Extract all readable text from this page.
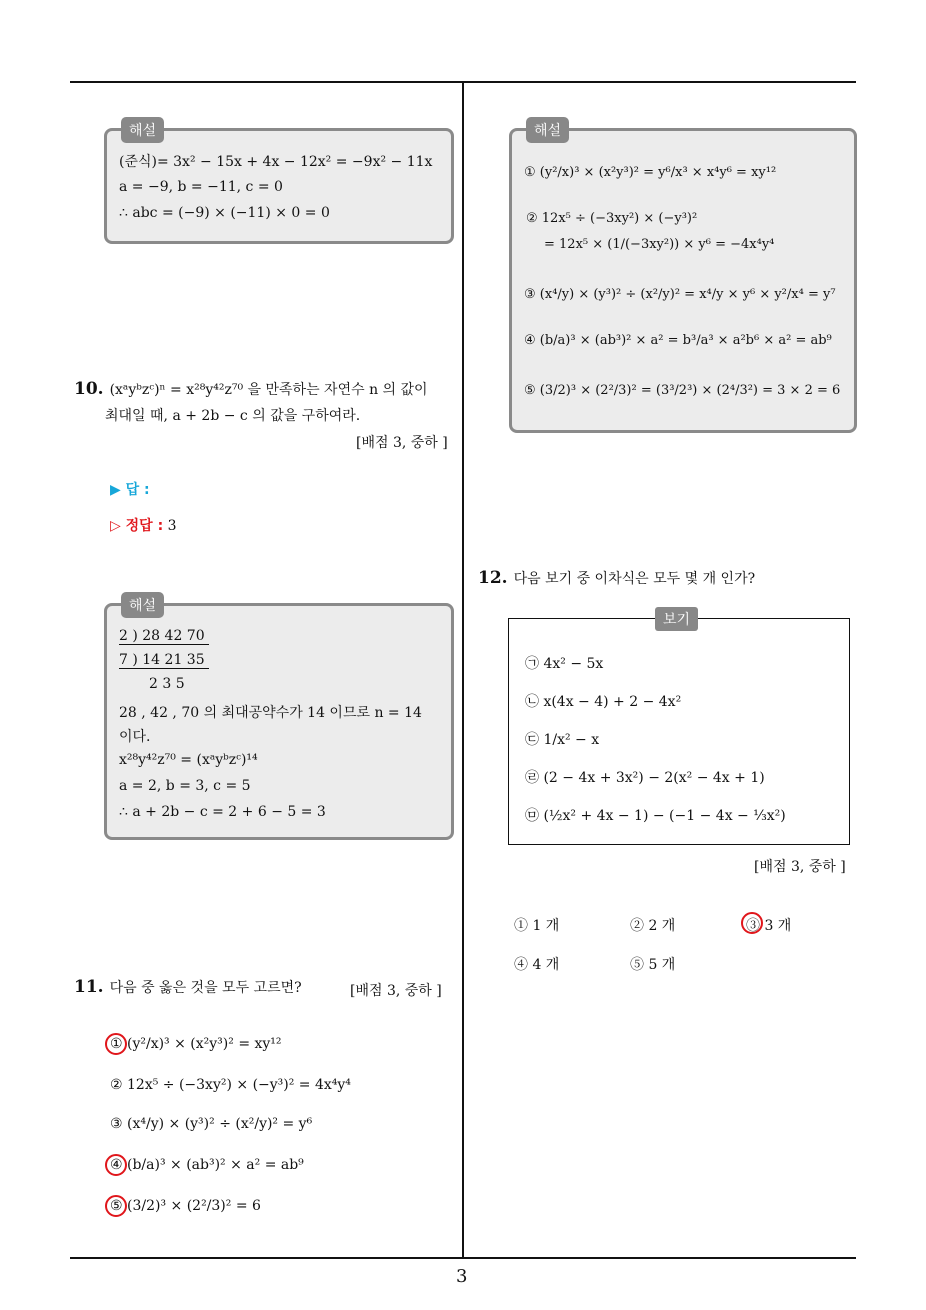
해설
(준식)= 3x² − 15x + 4x − 12x² = −9x² − 11x
a = −9, b = −11, c = 0
∴ abc = (−9) × (−11) × 0 = 0
10. (xᵃyᵇzᶜ)ⁿ = x²⁸y⁴²z⁷⁰ 을 만족하는 자연수 n 의 값이
최대일 때, a + 2b − c 의 값을 구하여라.
[배점 3, 중하 ]
▶ 답 :
▷ 정답 : 3
해설
2 ) 28 42 70
7 ) 14 21 35
2 3 5
28 , 42 , 70 의 최대공약수가 14 이므로 n = 14
이다.
x²⁸y⁴²z⁷⁰ = (xᵃyᵇzᶜ)¹⁴
a = 2, b = 3, c = 5
∴ a + 2b − c = 2 + 6 − 5 = 3
11. 다음 중 옳은 것을 모두 고르면?	[배점 3, 중하 ]
① (y²/x)³ × (x²y³)² = xy¹²
② 12x⁵ ÷ (−3xy²) × (−y³)² = 4x⁴y⁴
③ (x⁴/y) × (y³)² ÷ (x²/y)² = y⁶
④ (b/a)³ × (ab³)² × a² = ab⁹
⑤ (3/2)³ × (2²/3)² = 6
해설
① (y²/x)³ × (x²y³)² = y⁶/x³ × x⁴y⁶ = xy¹²
② 12x⁵ ÷ (−3xy²) × (−y³)²
= 12x⁵ × (1/(−3xy²)) × y⁶ = −4x⁴y⁴
③ (x⁴/y) × (y³)² ÷ (x²/y)² = x⁴/y × y⁶ × y²/x⁴ = y⁷
④ (b/a)³ × (ab³)² × a² = b³/a³ × a²b⁶ × a² = ab⁹
⑤ (3/2)³ × (2²/3)² = (3³/2³) × (2⁴/3²) = 3 × 2 = 6
12. 다음 보기 중 이차식은 모두 몇 개 인가?
보기
㉠ 4x² − 5x
㉡ x(4x − 4) + 2 − 4x²
㉢ 1/x² − x
㉣ (2 − 4x + 3x²) − 2(x² − 4x + 1)
㉤ (½x² + 4x − 1) − (−1 − 4x − ⅓x²)
[배점 3, 중하 ]
① 1 개	② 2 개	③ 3 개
④ 4 개	⑤ 5 개
3
